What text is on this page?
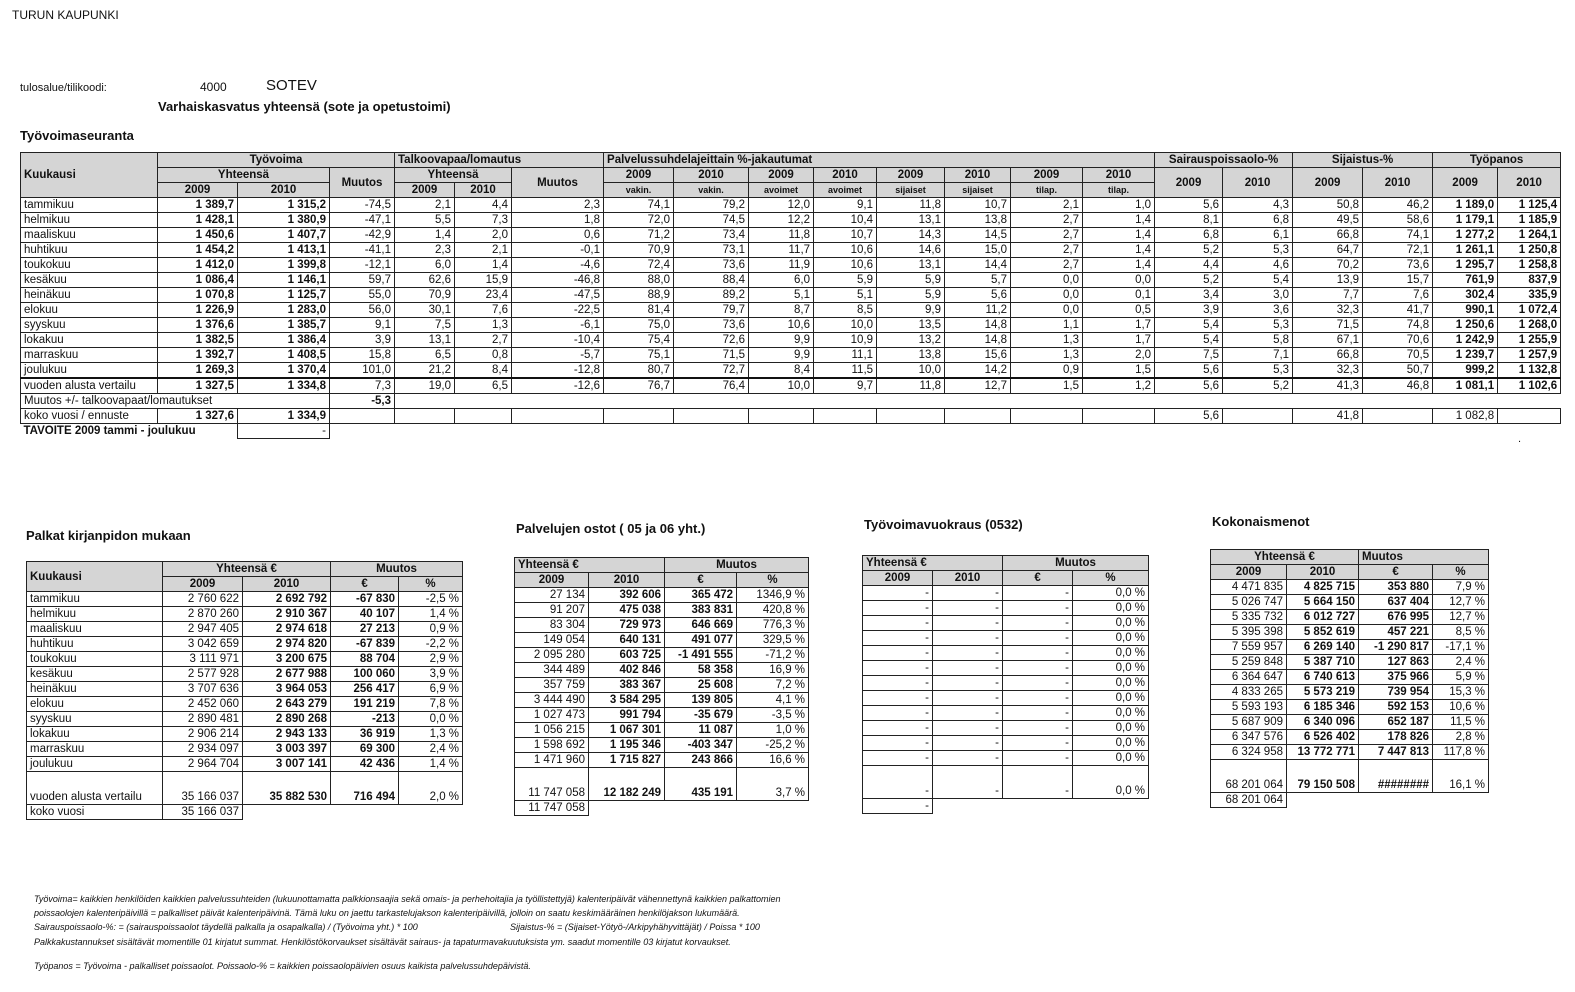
TURUN KAUPUNKI
tulosalue/tilikoodi:	4000	SOTEV
Varhaiskasvatus yhteensä (sote ja opetustoimi)
Työvoimaseuranta
Kuukausi	Työvoima			Talkoovapaa/lomautus			Palvelussuhdelajeittain %-jakautumat								Sairauspoissaolo-%		Sijaistus-%		Työpanos	
	Yhteensä		Muutos	Yhteensä		Muutos	2009	2010	2009	2010	2009	2010	2009	2010	2009	2010	2009	2010	2009	2010
	2009	2010		2009	2010		vakin.	vakin.	avoimet	avoimet	sijaiset	sijaiset	tilap.	tilap.						
tammikuu	1 389,7	1 315,2	-74,5	2,1	4,4	2,3	74,1	79,2	12,0	9,1	11,8	10,7	2,1	1,0	5,6	4,3	50,8	46,2	1 189,0	1 125,4
helmikuu	1 428,1	1 380,9	-47,1	5,5	7,3	1,8	72,0	74,5	12,2	10,4	13,1	13,8	2,7	1,4	8,1	6,8	49,5	58,6	1 179,1	1 185,9
maaliskuu	1 450,6	1 407,7	-42,9	1,4	2,0	0,6	71,2	73,4	11,8	10,7	14,3	14,5	2,7	1,4	6,8	6,1	66,8	74,1	1 277,2	1 264,1
huhtikuu	1 454,2	1 413,1	-41,1	2,3	2,1	-0,1	70,9	73,1	11,7	10,6	14,6	15,0	2,7	1,4	5,2	5,3	64,7	72,1	1 261,1	1 250,8
toukokuu	1 412,0	1 399,8	-12,1	6,0	1,4	-4,6	72,4	73,6	11,9	10,6	13,1	14,4	2,7	1,4	4,4	4,6	70,2	73,6	1 295,7	1 258,8
kesäkuu	1 086,4	1 146,1	59,7	62,6	15,9	-46,8	88,0	88,4	6,0	5,9	5,9	5,7	0,0	0,0	5,2	5,4	13,9	15,7	761,9	837,9
heinäkuu	1 070,8	1 125,7	55,0	70,9	23,4	-47,5	88,9	89,2	5,1	5,1	5,9	5,6	0,0	0,1	3,4	3,0	7,7	7,6	302,4	335,9
elokuu	1 226,9	1 283,0	56,0	30,1	7,6	-22,5	81,4	79,7	8,7	8,5	9,9	11,2	0,0	0,5	3,9	3,6	32,3	41,7	990,1	1 072,4
syyskuu	1 376,6	1 385,7	9,1	7,5	1,3	-6,1	75,0	73,6	10,6	10,0	13,5	14,8	1,1	1,7	5,4	5,3	71,5	74,8	1 250,6	1 268,0
lokakuu	1 382,5	1 386,4	3,9	13,1	2,7	-10,4	75,4	72,6	9,9	10,9	13,2	14,8	1,3	1,7	5,4	5,8	67,1	70,6	1 242,9	1 255,9
marraskuu	1 392,7	1 408,5	15,8	6,5	0,8	-5,7	75,1	71,5	9,9	11,1	13,8	15,6	1,3	2,0	7,5	7,1	66,8	70,5	1 239,7	1 257,9
joulukuu	1 269,3	1 370,4	101,0	21,2	8,4	-12,8	80,7	72,7	8,4	11,5	10,0	14,2	0,9	1,5	5,6	5,3	32,3	50,7	999,2	1 132,8
vuoden alusta vertailu	1 327,5	1 334,8	7,3	19,0	6,5	-12,6	76,7	76,4	10,0	9,7	11,8	12,7	1,5	1,2	5,6	5,2	41,3	46,8	1 081,1	1 102,6
Muutos +/- talkoovapaat/lomautukset			-5,3																	
koko vuosi / ennuste	1 327,6	1 334,9													5,6		41,8		1 082,8	
TAVOITE 2009 tammi - joulukuu		-																		
.
Palkat kirjanpidon mukaan
Kuukausi	Yhteensä €		Muutos	
	2009	2010	€	%
tammikuu	2 760 622	2 692 792	-67 830	-2,5 %
helmikuu	2 870 260	2 910 367	40 107	1,4 %
maaliskuu	2 947 405	2 974 618	27 213	0,9 %
huhtikuu	3 042 659	2 974 820	-67 839	-2,2 %
toukokuu	3 111 971	3 200 675	88 704	2,9 %
kesäkuu	2 577 928	2 677 988	100 060	3,9 %
heinäkuu	3 707 636	3 964 053	256 417	6,9 %
elokuu	2 452 060	2 643 279	191 219	7,8 %
syyskuu	2 890 481	2 890 268	-213	0,0 %
lokakuu	2 906 214	2 943 133	36 919	1,3 %
marraskuu	2 934 097	3 003 397	69 300	2,4 %
joulukuu	2 964 704	3 007 141	42 436	1,4 %
vuoden alusta vertailu	35 166 037	35 882 530	716 494	2,0 %
koko vuosi	35 166 037			
Palvelujen ostot ( 05 ja 06 yht.)
Yhteensä €		Muutos	
2009	2010	€	%
27 134	392 606	365 472	1346,9 %
91 207	475 038	383 831	420,8 %
83 304	729 973	646 669	776,3 %
149 054	640 131	491 077	329,5 %
2 095 280	603 725	-1 491 555	-71,2 %
344 489	402 846	58 358	16,9 %
357 759	383 367	25 608	7,2 %
3 444 490	3 584 295	139 805	4,1 %
1 027 473	991 794	-35 679	-3,5 %
1 056 215	1 067 301	11 087	1,0 %
1 598 692	1 195 346	-403 347	-25,2 %
1 471 960	1 715 827	243 866	16,6 %
11 747 058	12 182 249	435 191	3,7 %
11 747 058			
Työvoimavuokraus (0532)
Yhteensä €		Muutos	
2009	2010	€	%
-	-	-	0,0 %
-	-	-	0,0 %
-	-	-	0,0 %
-	-	-	0,0 %
-	-	-	0,0 %
-	-	-	0,0 %
-	-	-	0,0 %
-	-	-	0,0 %
-	-	-	0,0 %
-	-	-	0,0 %
-	-	-	0,0 %
-	-	-	0,0 %
-	-	-	0,0 %
-			
Kokonaismenot
Yhteensä €		Muutos	
2009	2010	€	%
4 471 835	4 825 715	353 880	7,9 %
5 026 747	5 664 150	637 404	12,7 %
5 335 732	6 012 727	676 995	12,7 %
5 395 398	5 852 619	457 221	8,5 %
7 559 957	6 269 140	-1 290 817	-17,1 %
5 259 848	5 387 710	127 863	2,4 %
6 364 647	6 740 613	375 966	5,9 %
4 833 265	5 573 219	739 954	15,3 %
5 593 193	6 185 346	592 153	10,6 %
5 687 909	6 340 096	652 187	11,5 %
6 347 576	6 526 402	178 826	2,8 %
6 324 958	13 772 771	7 447 813	117,8 %
68 201 064	79 150 508	########	16,1 %
68 201 064			
Työvoima= kaikkien henkilöiden kaikkien palvelussuhteiden (lukuunottamatta palkkionsaajia sekä omais- ja perhehoitajia ja työllistettyjä) kalenteripäivät vähennettynä kaikkien palkattomien
poissaolojen kalenteripäivillä = palkalliset päivät kalenteripäivinä. Tämä luku on jaettu tarkastelujakson kalenteripäivillä, jolloin on saatu keskimääräinen henkilöjakson lukumäärä.
Sairauspoissaolo-%: = (sairauspoissaolot täydellä palkalla ja osapalkalla) / (Työvoima yht.) * 100	Sijaistus-% = (Sijaiset-Yötyö-/Arkipyhähyvittäjät) / Poissa * 100
Palkkakustannukset sisältävät momentille 01 kirjatut summat. Henkilöstökorvaukset sisältävät sairaus- ja tapaturmavakuutuksista ym. saadut momentille 03 kirjatut korvaukset.
Työpanos = Työvoima - palkalliset poissaolot. Poissaolo-% = kaikkien poissaolopäivien osuus kaikista palvelussuhdepäivistä.
